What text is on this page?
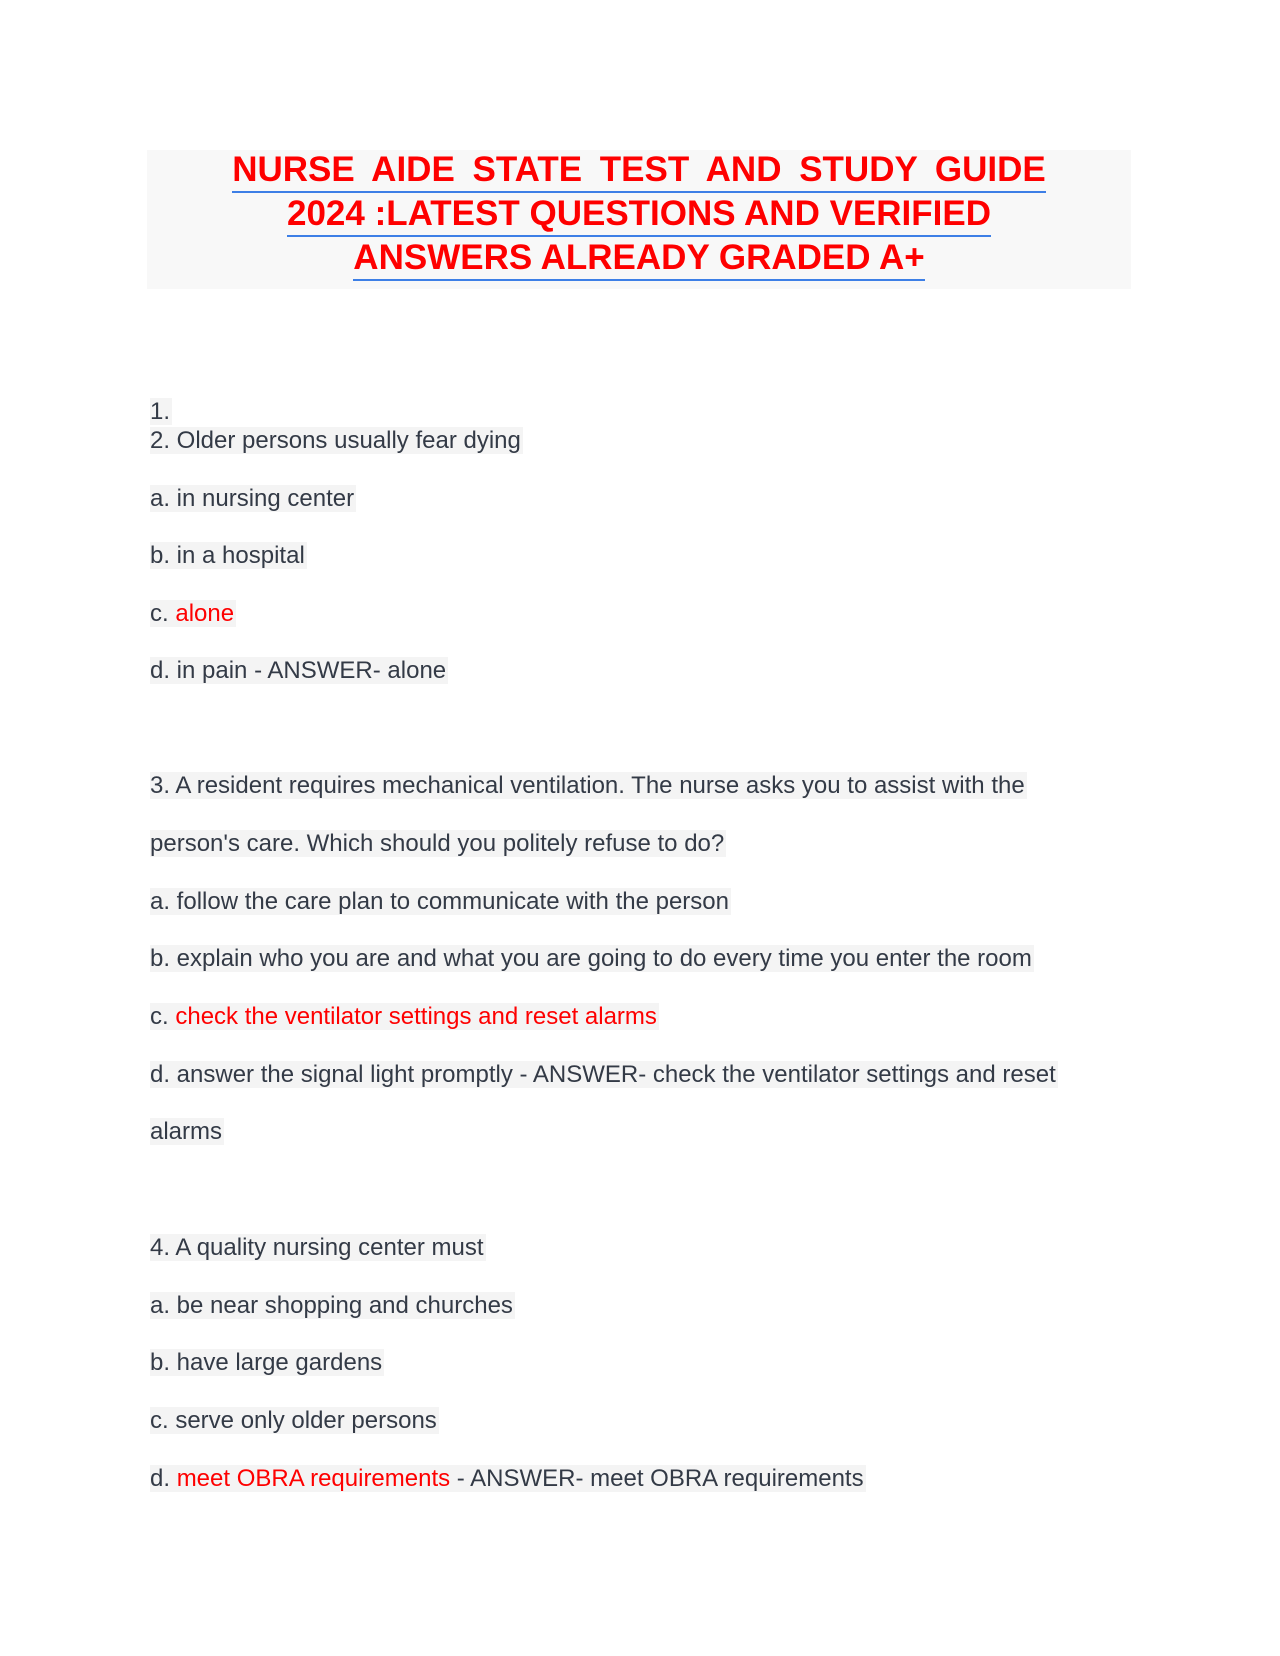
NURSE AIDE STATE TEST AND STUDY GUIDE
2024 :LATEST QUESTIONS AND VERIFIED
ANSWERS ALREADY GRADED A+
1.
2. Older persons usually fear dying
a. in nursing center
b. in a hospital
c. alone
d. in pain - ANSWER- alone
3. A resident requires mechanical ventilation. The nurse asks you to assist with the
person's care. Which should you politely refuse to do?
a. follow the care plan to communicate with the person
b. explain who you are and what you are going to do every time you enter the room
c. check the ventilator settings and reset alarms
d. answer the signal light promptly - ANSWER- check the ventilator settings and reset
alarms
4. A quality nursing center must
a. be near shopping and churches
b. have large gardens
c. serve only older persons
d. meet OBRA requirements - ANSWER- meet OBRA requirements
